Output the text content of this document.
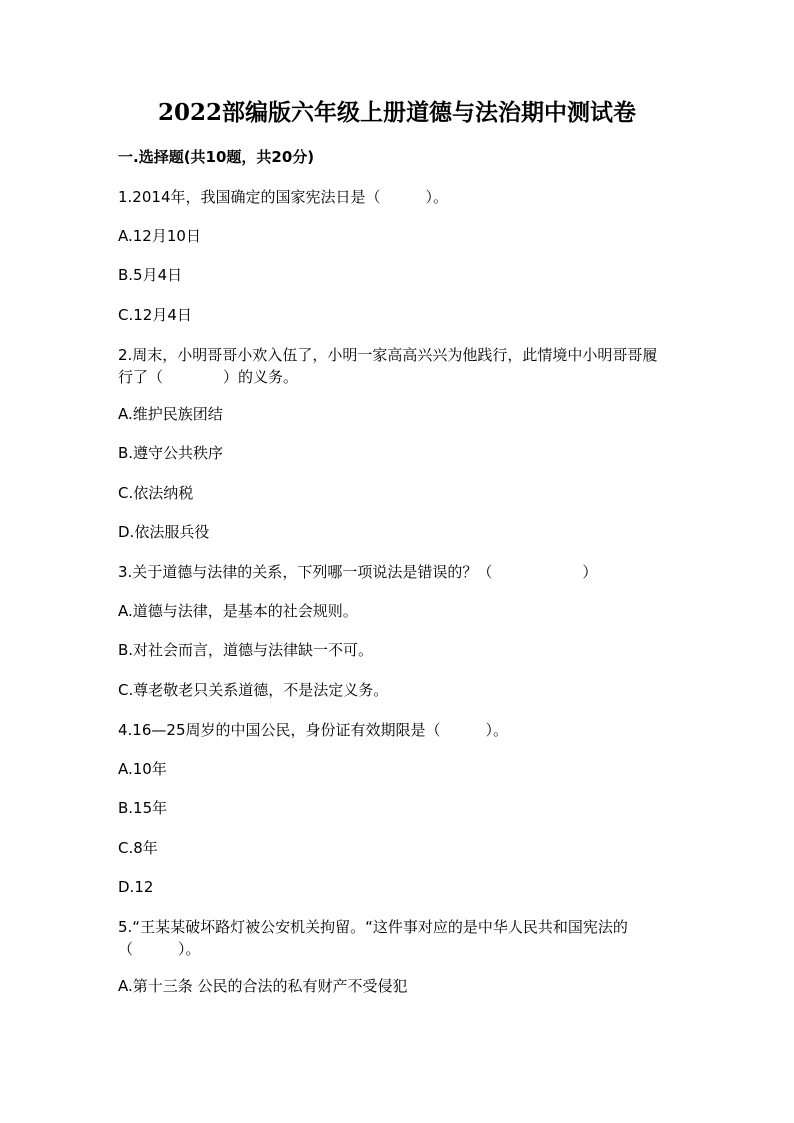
2022部编版六年级上册道德与法治期中测试卷

一.选择题(共10题，共20分)

1.2014年，我国确定的国家宪法日是（　　　）。

A.12月10日

B.5月4日

C.12月4日

2.周末，小明哥哥小欢入伍了，小明一家高高兴兴为他践行，此情境中小明哥哥履行了（　　　　）的义务。

A.维护民族团结

B.遵守公共秩序

C.依法纳税

D.依法服兵役

3.关于道德与法律的关系，下列哪一项说法是错误的？（　　　　　　）

A.道德与法律，是基本的社会规则。

B.对社会而言，道德与法律缺一不可。

C.尊老敬老只关系道德，不是法定义务。

4.16—25周岁的中国公民，身份证有效期限是（　　　）。

A.10年

B.15年

C.8年

D.12

5.“王某某破坏路灯被公安机关拘留。“这件事对应的是中华人民共和国宪法的（　　　）。

A.第十三条 公民的合法的私有财产不受侵犯
